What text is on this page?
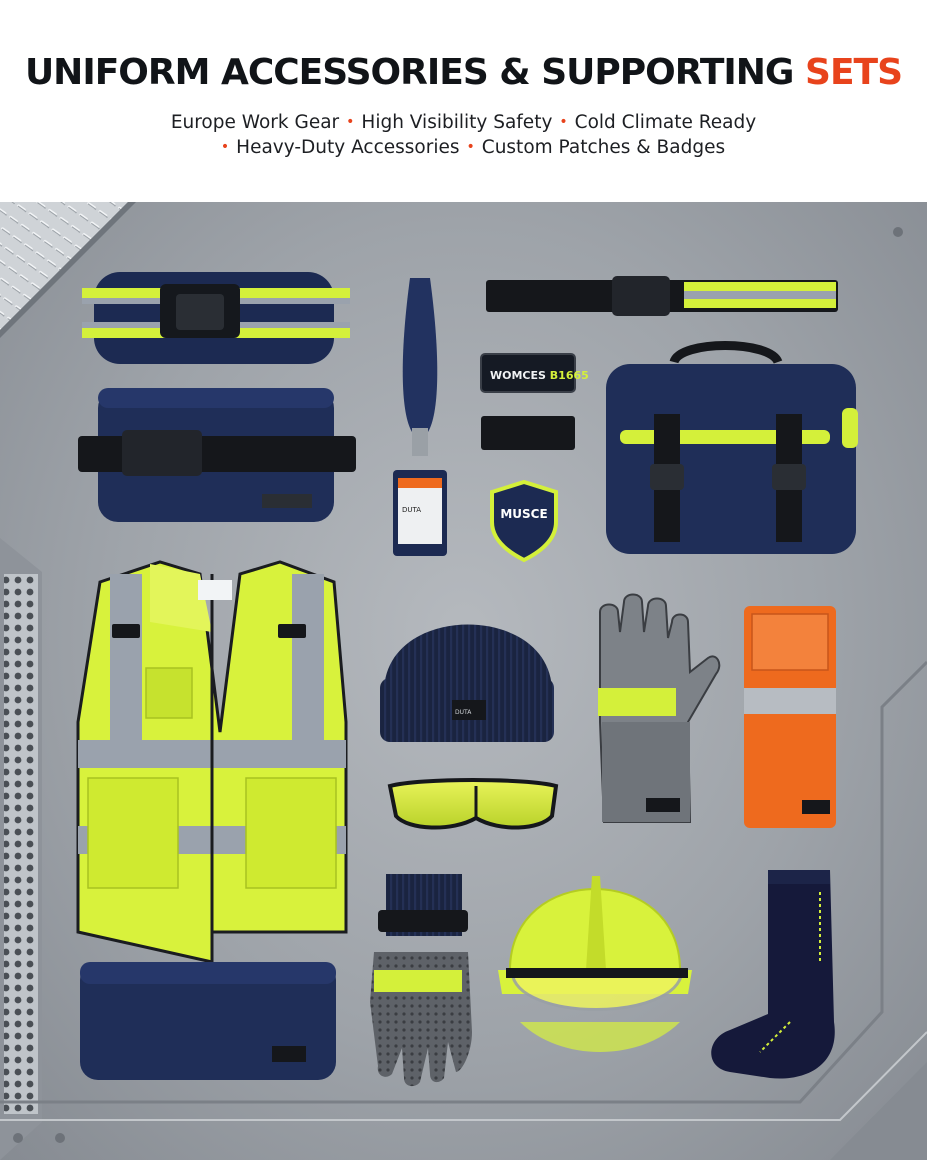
UNIFORM ACCESSORIES & SUPPORTING SETS
Europe Work Gear • High Visibility Safety • Cold Climate Ready
• Heavy-Duty Accessories • Custom Patches & Badges
DUTA
WOMCES B1665
MUSCE
DUTA
